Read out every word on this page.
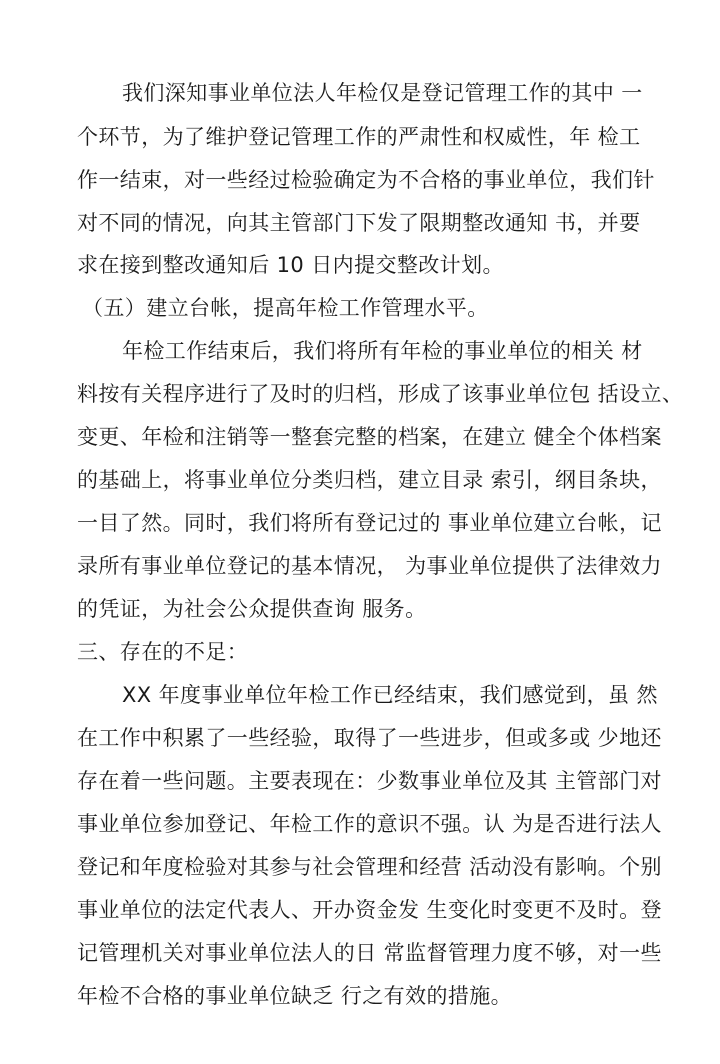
我们深知事业单位法人年检仅是登记管理工作的其中 一
个环节，为了维护登记管理工作的严肃性和权威性，年 检工
作一结束，对一些经过检验确定为不合格的事业单位，我们针
对不同的情况，向其主管部门下发了限期整改通知 书，并要
求在接到整改通知后 10 日内提交整改计划。
（五）建立台帐，提高年检工作管理水平。
年检工作结束后，我们将所有年检的事业单位的相关 材
料按有关程序进行了及时的归档，形成了该事业单位包 括设立、
变更、年检和注销等一整套完整的档案，在建立 健全个体档案
的基础上，将事业单位分类归档，建立目录 索引，纲目条块，
一目了然。同时，我们将所有登记过的 事业单位建立台帐，记
录所有事业单位登记的基本情况， 为事业单位提供了法律效力
的凭证，为社会公众提供查询 服务。
三、存在的不足：
XX 年度事业单位年检工作已经结束，我们感觉到，虽 然
在工作中积累了一些经验，取得了一些进步，但或多或 少地还
存在着一些问题。主要表现在：少数事业单位及其 主管部门对
事业单位参加登记、年检工作的意识不强。认 为是否进行法人
登记和年度检验对其参与社会管理和经营 活动没有影响。个别
事业单位的法定代表人、开办资金发 生变化时变更不及时。登
记管理机关对事业单位法人的日 常监督管理力度不够，对一些
年检不合格的事业单位缺乏 行之有效的措施。
